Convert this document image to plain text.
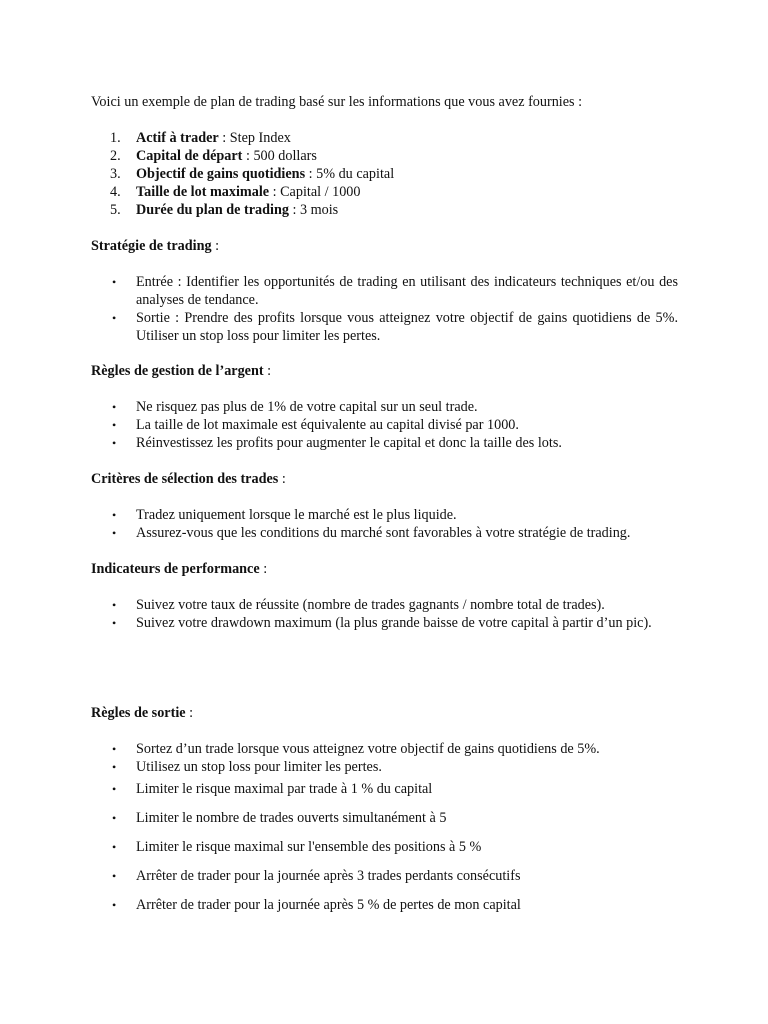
Voici un exemple de plan de trading basé sur les informations que vous avez fournies :
1.	Actif à trader : Step Index
2.	Capital de départ : 500 dollars
3.	Objectif de gains quotidiens : 5% du capital
4.	Taille de lot maximale : Capital / 1000
5.	Durée du plan de trading : 3 mois
Stratégie de trading :
•	Entrée : Identifier les opportunités de trading en utilisant des indicateurs techniques et/ou des analyses de tendance.
•	Sortie : Prendre des profits lorsque vous atteignez votre objectif de gains quotidiens de 5%. Utiliser un stop loss pour limiter les pertes.
Règles de gestion de l’argent :
•	Ne risquez pas plus de 1% de votre capital sur un seul trade.
•	La taille de lot maximale est équivalente au capital divisé par 1000.
•	Réinvestissez les profits pour augmenter le capital et donc la taille des lots.
Critères de sélection des trades :
•	Tradez uniquement lorsque le marché est le plus liquide.
•	Assurez-vous que les conditions du marché sont favorables à votre stratégie de trading.
Indicateurs de performance :
•	Suivez votre taux de réussite (nombre de trades gagnants / nombre total de trades).
•	Suivez votre drawdown maximum (la plus grande baisse de votre capital à partir d’un pic).
Règles de sortie :
•	Sortez d’un trade lorsque vous atteignez votre objectif de gains quotidiens de 5%.
•	Utilisez un stop loss pour limiter les pertes.
•	Limiter le risque maximal par trade à 1 % du capital
•	Limiter le nombre de trades ouverts simultanément à 5
•	Limiter le risque maximal sur l'ensemble des positions à 5 %
•	Arrêter de trader pour la journée après 3 trades perdants consécutifs
•	Arrêter de trader pour la journée après 5 % de pertes de mon capital
